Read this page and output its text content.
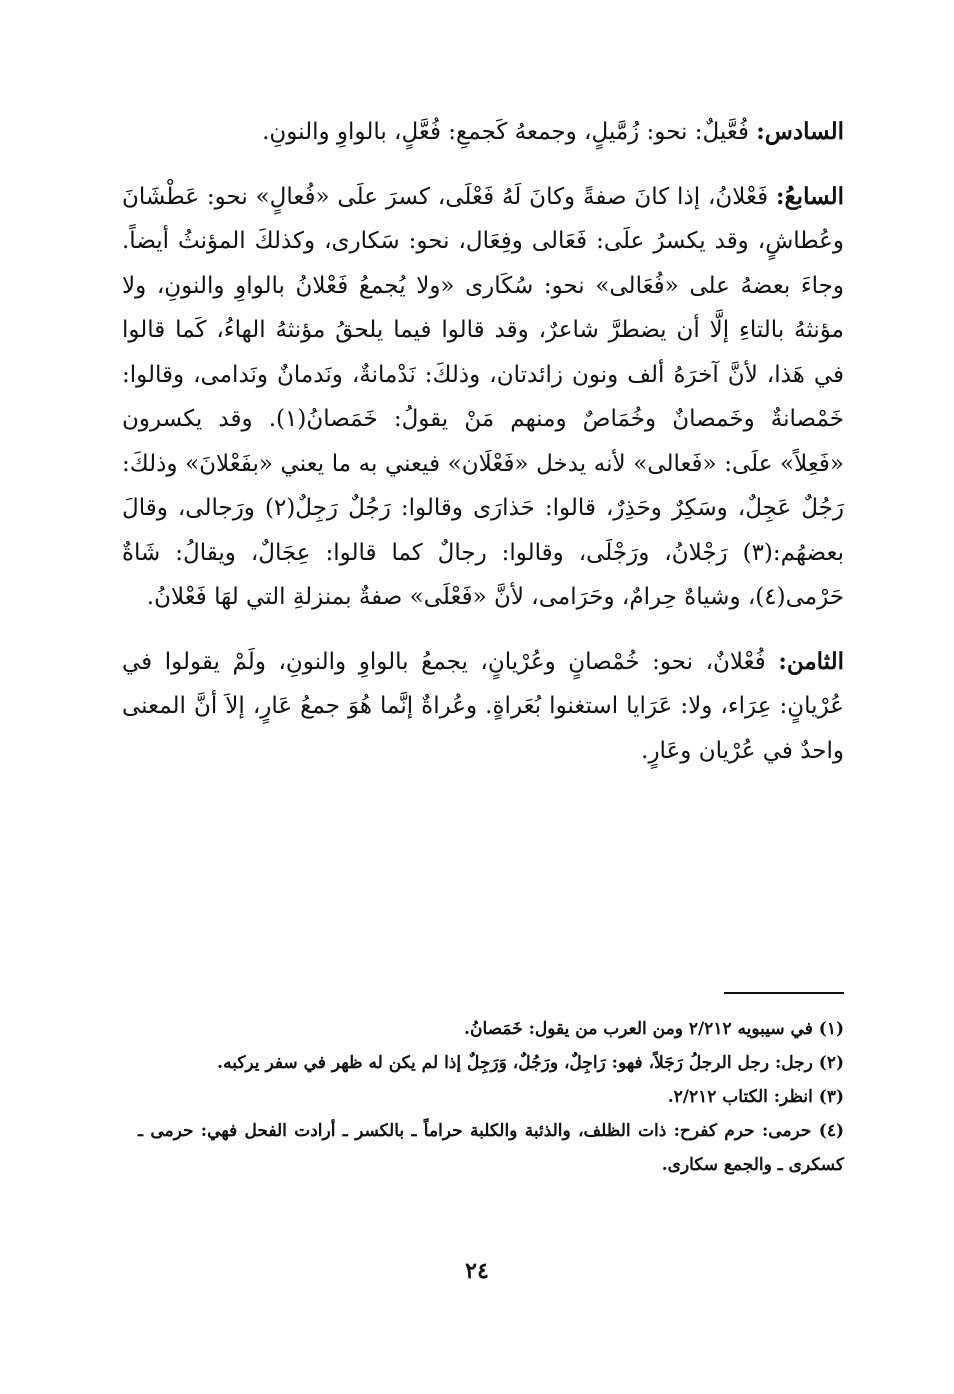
السادس: فُعَّيلٌ: نحو: زُمَّيلٍ، وجمعهُ كَجمعِ: فُعَّلٍ، بالواوِ والنونِ.

السابعُ: فَعْلانُ، إذا كانَ صفةً وكانَ لَهُ فَعْلَى، كسرَ علَى «فُعالٍ» نحو: عَطْشَانَ وعُطاشٍ، وقد يكسرُ علَى: فَعَالى وفِعَال، نحو: سَكارى، وكذلكَ المؤنثُ أيضاً. وجاءَ بعضهُ على «فُعَالى» نحو: سُكَارى «ولا يُجمعُ فَعْلانُ بالواوِ والنونِ، ولا مؤنثهُ بالتاءِ إلَّا أن يضطرَّ شاعرٌ، وقد قالوا فيما يلحقُ مؤنثهُ الهاءُ، كَما قالوا في هَذا، لأنَّ آخرَهُ ألف ونون زائدتان، وذلكَ: نَدْمانةٌ، ونَدمانٌ ونَدامى، وقالوا: خَمْصانةٌ وخَمصانٌ وخُمَاصٌ ومنهم مَنْ يقولُ: خَمَصانُ(١). وقد يكسرون «فَعِلاً» علَى: «فَعالى» لأنه يدخل «فَعْلَان» فيعني به ما يعني «بفَعْلانَ» وذلكَ: رَجُلٌ عَجِلٌ، وسَكِرٌ وحَذِرٌ، قالوا: حَذارَى وقالوا: رَجُلٌ رَجِلٌ(٢) ورَجالى، وقالَ بعضهُم:(٣) رَجْلانُ، ورَجْلَى، وقالوا: رجالٌ كما قالوا: عِجَالٌ، ويقالُ: شَاةٌ حَرْمى(٤)، وشياهٌ حِرامٌ، وحَرَامى، لأنَّ «فَعْلَى» صفةٌ بمنزلةِ التي لهَا فَعْلانُ.

الثامن: فُعْلانٌ، نحو: خُمْصانٍ وعُرْيانٍ، يجمعُ بالواوِ والنونِ، ولَمْ يقولوا في عُرْيانٍ: عِرَاء، ولا: عَرَايا استغنوا بُعَراةٍ. وعُراةٌ إنَّما هُوَ جمعُ عَارٍ، إلاَ أنَّ المعنى واحدٌ في عُرْيان وعَارٍ.

(١) في سيبويه ٢/٢١٢ ومن العرب من يقول: خَمَصانُ.

(٢) رجل: رجل الرجلُ رَجَلاً، فهو: رَاجِلٌ، ورَجُلٌ، وَرَجِلٌ إذا لم يكن له ظهر في سفر يركبه.

(٣) انظر: الكتاب ٢/٢١٢.

(٤) حرمى: حرم كفرح: ذات الظلف، والذئبة والكلبة حراماً ـ بالكسر ـ أرادت الفحل فهي: حرمى ـ كسكرى ـ والجمع سكارى.

٢٤
